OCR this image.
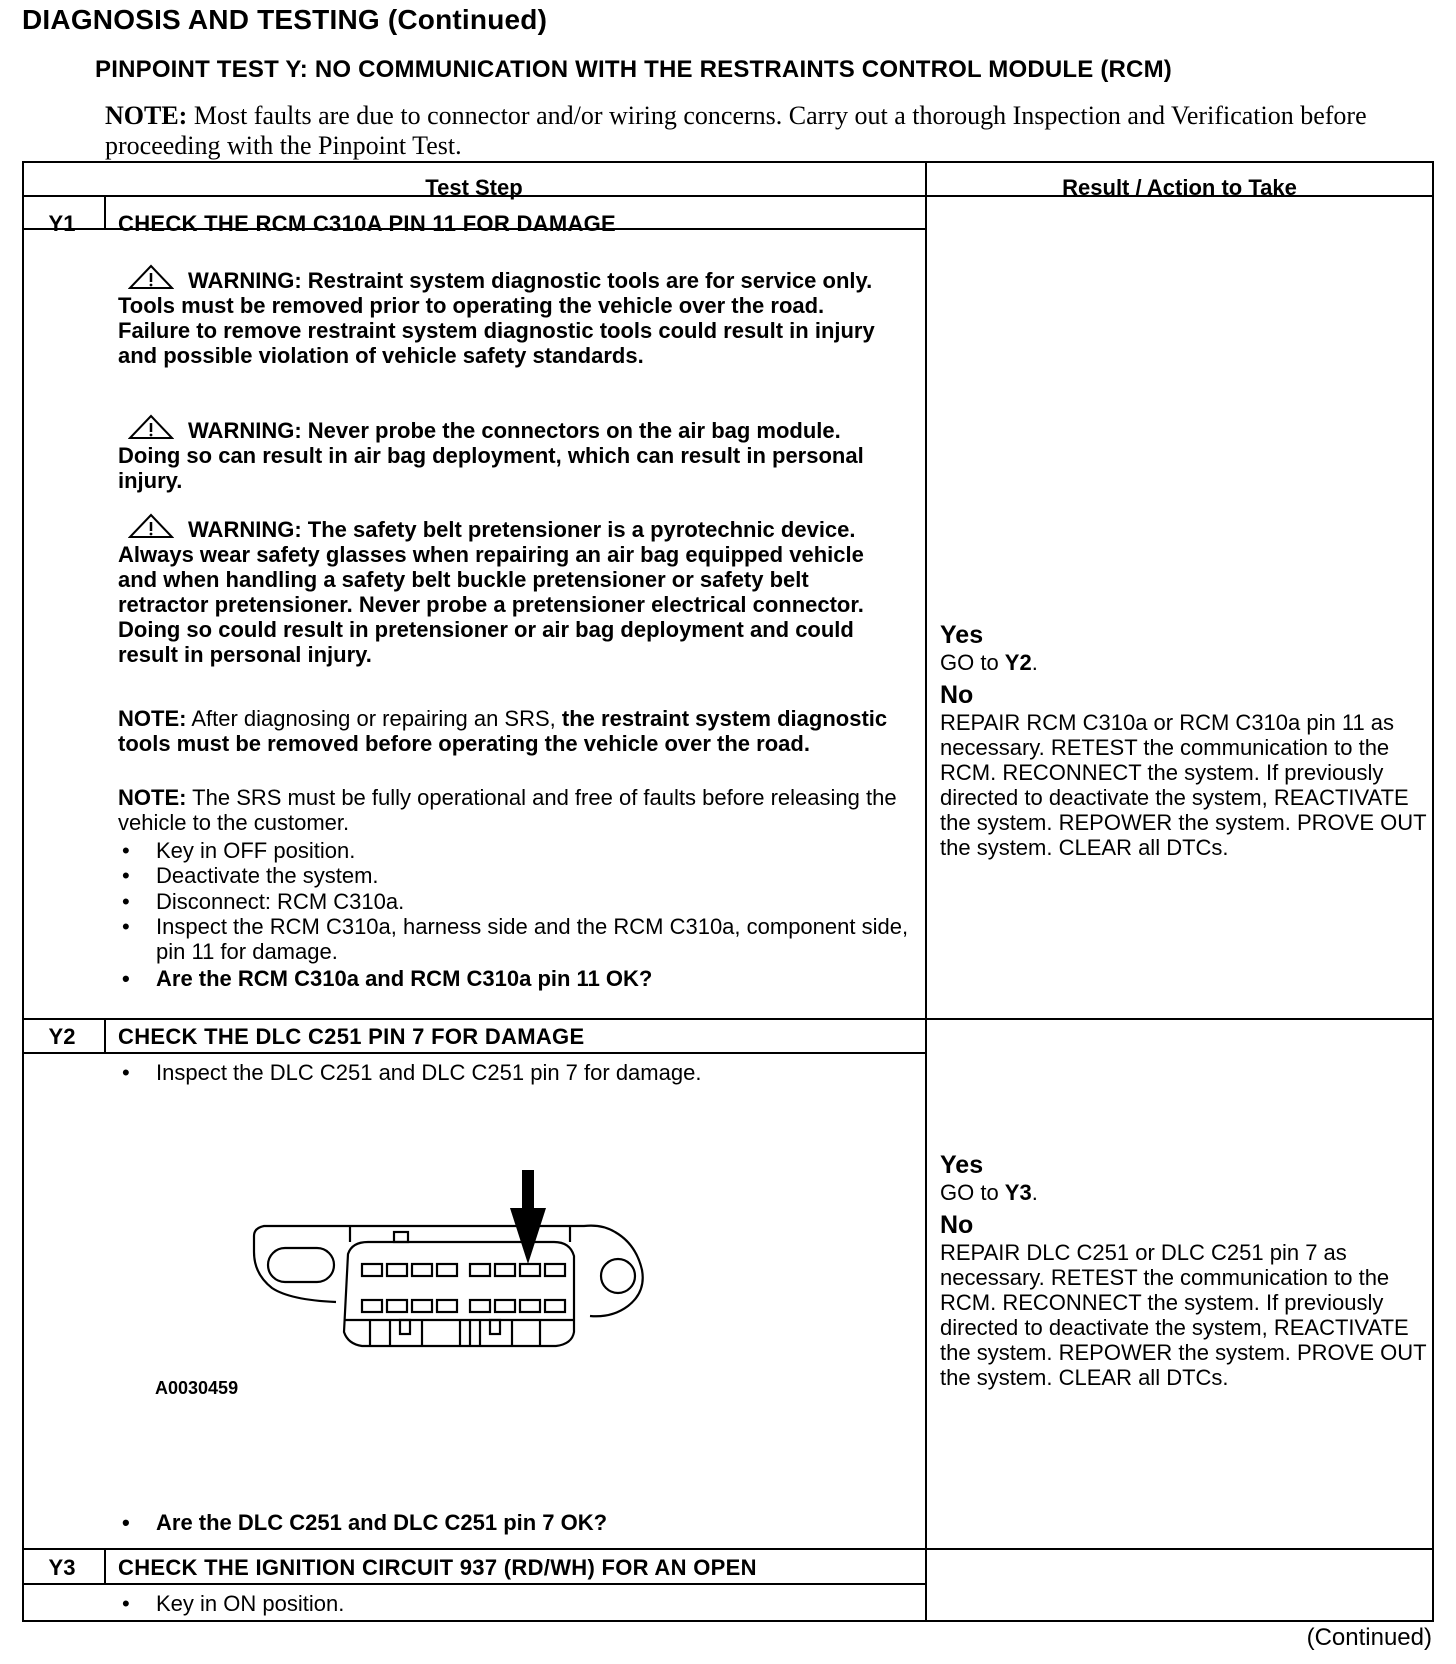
DIAGNOSIS AND TESTING (Continued)
PINPOINT TEST Y: NO COMMUNICATION WITH THE RESTRAINTS CONTROL MODULE (RCM)
NOTE: Most faults are due to connector and/or wiring concerns. Carry out a thorough Inspection and Verification before proceeding with the Pinpoint Test.
Test Step	Result / Action to Take
Y1	CHECK THE RCM C310A PIN 11 FOR DAMAGE
WARNING: Restraint system diagnostic tools are for service only. Tools must be removed prior to operating the vehicle over the road. Failure to remove restraint system diagnostic tools could result in injury and possible violation of vehicle safety standards.
WARNING: Never probe the connectors on the air bag module. Doing so can result in air bag deployment, which can result in personal injury.
WARNING: The safety belt pretensioner is a pyrotechnic device. Always wear safety glasses when repairing an air bag equipped vehicle and when handling a safety belt buckle pretensioner or safety belt retractor pretensioner. Never probe a pretensioner electrical connector. Doing so could result in pretensioner or air bag deployment and could result in personal injury.
NOTE: After diagnosing or repairing an SRS, the restraint system diagnostic tools must be removed before operating the vehicle over the road.
NOTE: The SRS must be fully operational and free of faults before releasing the vehicle to the customer.
• Key in OFF position.
• Deactivate the system.
• Disconnect: RCM C310a.
• Inspect the RCM C310a, harness side and the RCM C310a, component side, pin 11 for damage.
• Are the RCM C310a and RCM C310a pin 11 OK?
Yes
GO to Y2.
No
REPAIR RCM C310a or RCM C310a pin 11 as necessary. RETEST the communication to the RCM. RECONNECT the system. If previously directed to deactivate the system, REACTIVATE the system. REPOWER the system. PROVE OUT the system. CLEAR all DTCs.
Y2	CHECK THE DLC C251 PIN 7 FOR DAMAGE
• Inspect the DLC C251 and DLC C251 pin 7 for damage.
A0030459
• Are the DLC C251 and DLC C251 pin 7 OK?
Yes
GO to Y3.
No
REPAIR DLC C251 or DLC C251 pin 7 as necessary. RETEST the communication to the RCM. RECONNECT the system. If previously directed to deactivate the system, REACTIVATE the system. REPOWER the system. PROVE OUT the system. CLEAR all DTCs.
Y3	CHECK THE IGNITION CIRCUIT 937 (RD/WH) FOR AN OPEN
• Key in ON position.
(Continued)
